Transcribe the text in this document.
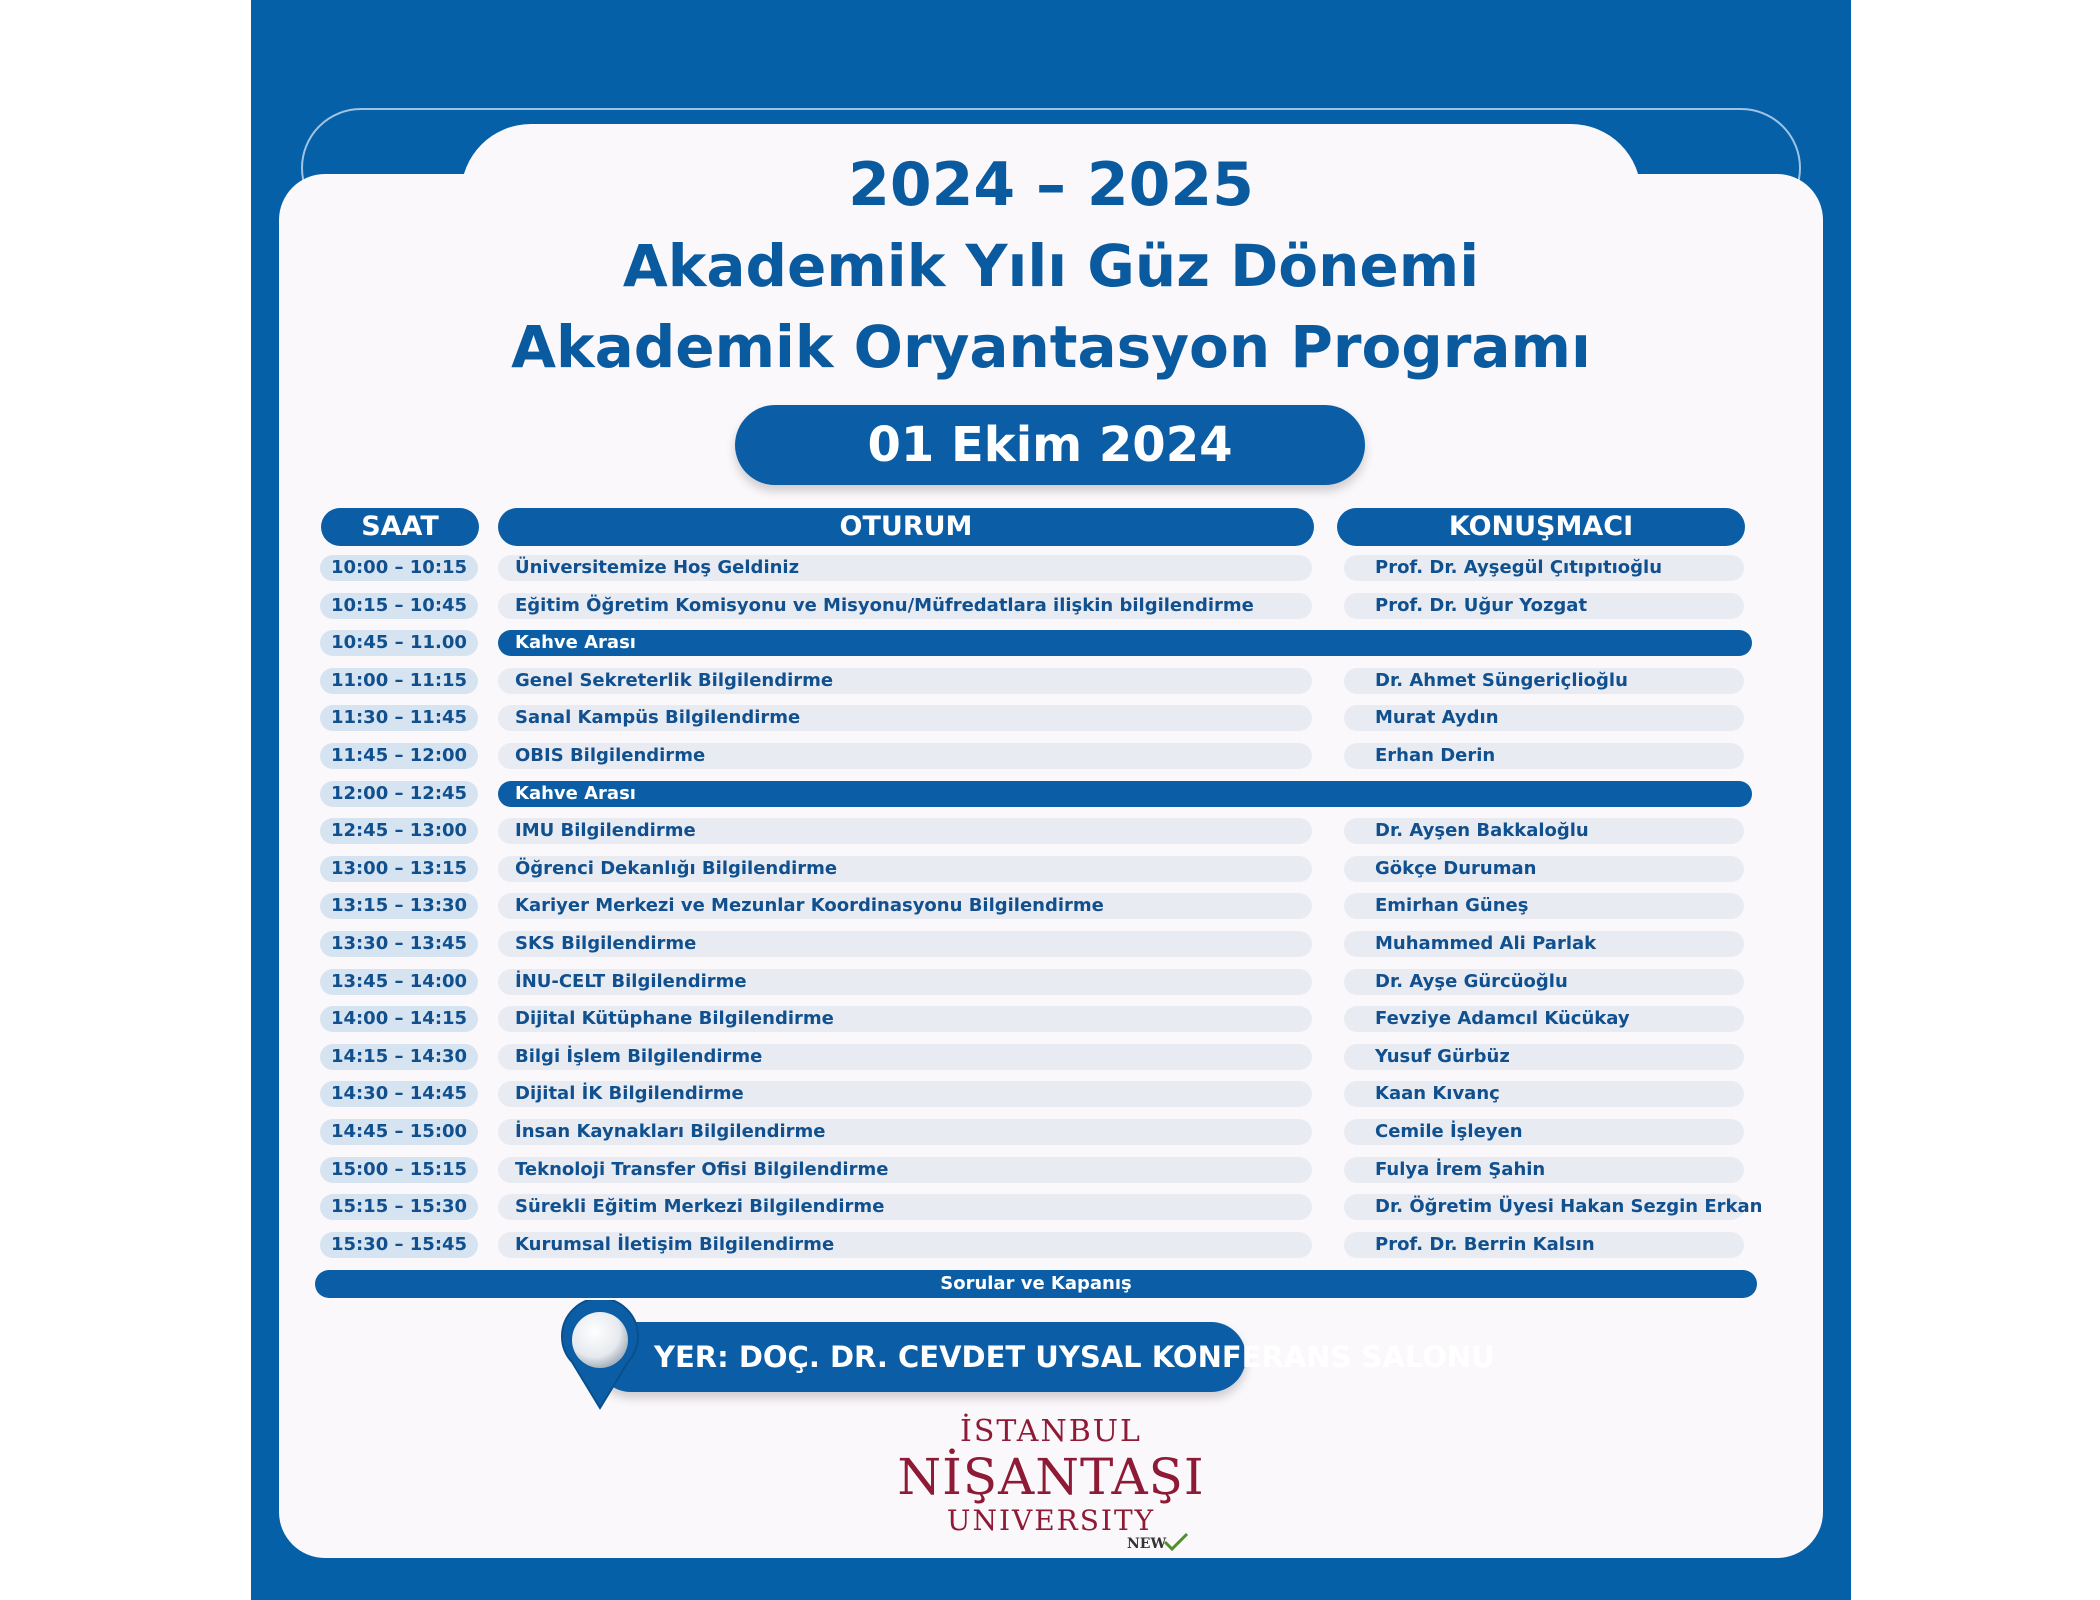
2024 – 2025
Akademik Yılı Güz Dönemi
Akademik Oryantasyon Programı
01 Ekim 2024
SAAT	OTURUM	KONUŞMACI
10:00 – 10:15	Üniversitemize Hoş Geldiniz	Prof. Dr. Ayşegül Çıtıpıtıoğlu
10:15 – 10:45	Eğitim Öğretim Komisyonu ve Misyonu/Müfredatlara ilişkin bilgilendirme	Prof. Dr. Uğur Yozgat
10:45 – 11.00	Kahve Arası
11:00 – 11:15	Genel Sekreterlik Bilgilendirme	Dr. Ahmet Süngeriçlioğlu
11:30 – 11:45	Sanal Kampüs Bilgilendirme	Murat Aydın
11:45 – 12:00	OBIS Bilgilendirme	Erhan Derin
12:00 – 12:45	Kahve Arası
12:45 – 13:00	IMU Bilgilendirme	Dr. Ayşen Bakkaloğlu
13:00 – 13:15	Öğrenci Dekanlığı Bilgilendirme	Gökçe Duruman
13:15 – 13:30	Kariyer Merkezi ve Mezunlar Koordinasyonu Bilgilendirme	Emirhan Güneş
13:30 – 13:45	SKS Bilgilendirme	Muhammed Ali Parlak
13:45 – 14:00	İNU-CELT Bilgilendirme	Dr. Ayşe Gürcüoğlu
14:00 – 14:15	Dijital Kütüphane Bilgilendirme	Fevziye Adamcıl Kücükay
14:15 – 14:30	Bilgi İşlem Bilgilendirme	Yusuf Gürbüz
14:30 – 14:45	Dijital İK Bilgilendirme	Kaan Kıvanç
14:45 – 15:00	İnsan Kaynakları Bilgilendirme	Cemile İşleyen
15:00 – 15:15	Teknoloji Transfer Ofisi Bilgilendirme	Fulya İrem Şahin
15:15 – 15:30	Sürekli Eğitim Merkezi Bilgilendirme	Dr. Öğretim Üyesi Hakan Sezgin Erkan
15:30 – 15:45	Kurumsal İletişim Bilgilendirme	Prof. Dr. Berrin Kalsın
Sorular ve Kapanış
YER: DOÇ. DR. CEVDET UYSAL KONFERANS SALONU
İSTANBUL
NİŞANTAŞI
UNIVERSITY
NEW
